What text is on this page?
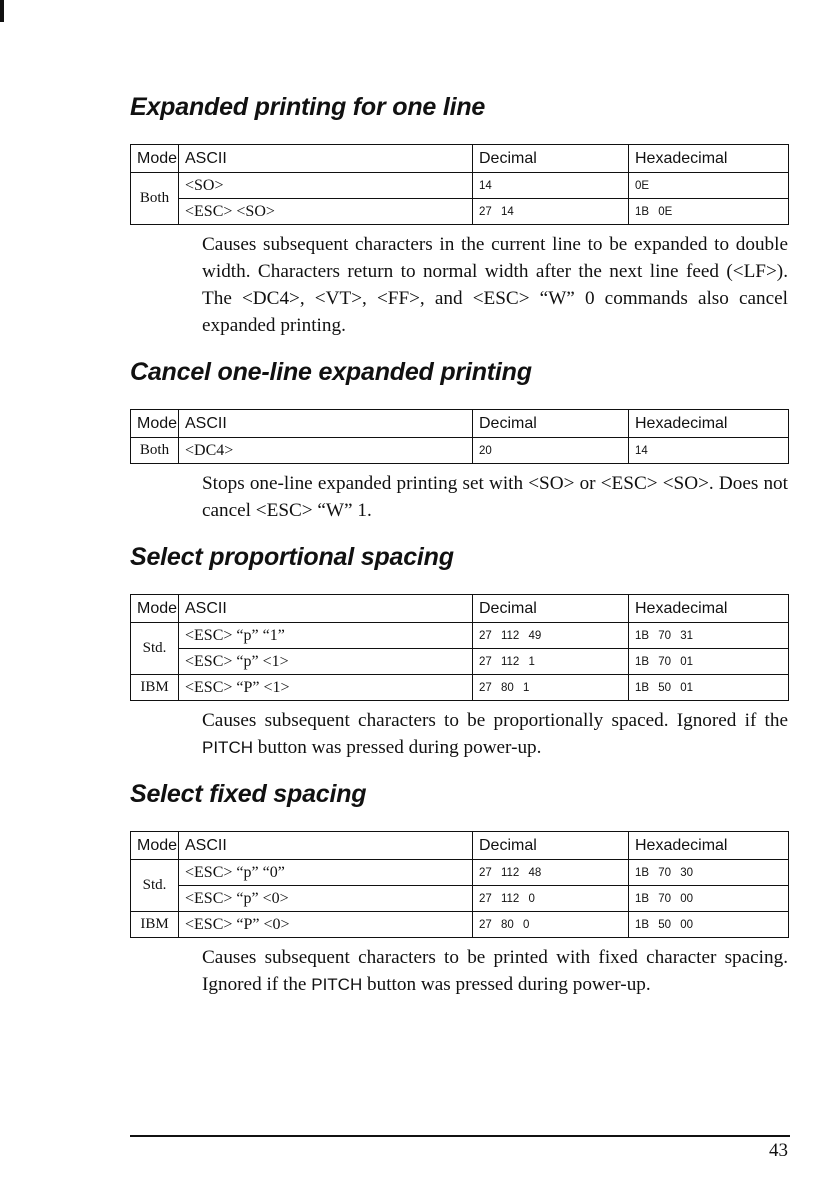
Expanded printing for one line
Mode	ASCII	Decimal	Hexadecimal
Both	<SO>	14	0E
	<ESC> <SO>	27 14	1B 0E

Causes subsequent characters in the current line to be expanded to double width. Characters return to normal width after the next line feed (<LF>). The <DC4>, <VT>, <FF>, and <ESC> “W” 0 commands also cancel expanded printing.

Cancel one-line expanded printing
Mode	ASCII	Decimal	Hexadecimal
Both	<DC4>	20	14

Stops one-line expanded printing set with <SO> or <ESC> <SO>. Does not cancel <ESC> “W” 1.

Select proportional spacing
Mode	ASCII	Decimal	Hexadecimal
Std.	<ESC> “p” “1”	27 112 49	1B 70 31
	<ESC> “p” <1>	27 112 1	1B 70 01
IBM	<ESC> “P” <1>	27 80 1	1B 50 01

Causes subsequent characters to be proportionally spaced. Ignored if the PITCH button was pressed during power-up.

Select fixed spacing
Mode	ASCII	Decimal	Hexadecimal
Std.	<ESC> “p” “0”	27 112 48	1B 70 30
	<ESC> “p” <0>	27 112 0	1B 70 00
IBM	<ESC> “P” <0>	27 80 0	1B 50 00

Causes subsequent characters to be printed with fixed character spacing. Ignored if the PITCH button was pressed during power-up.

43
